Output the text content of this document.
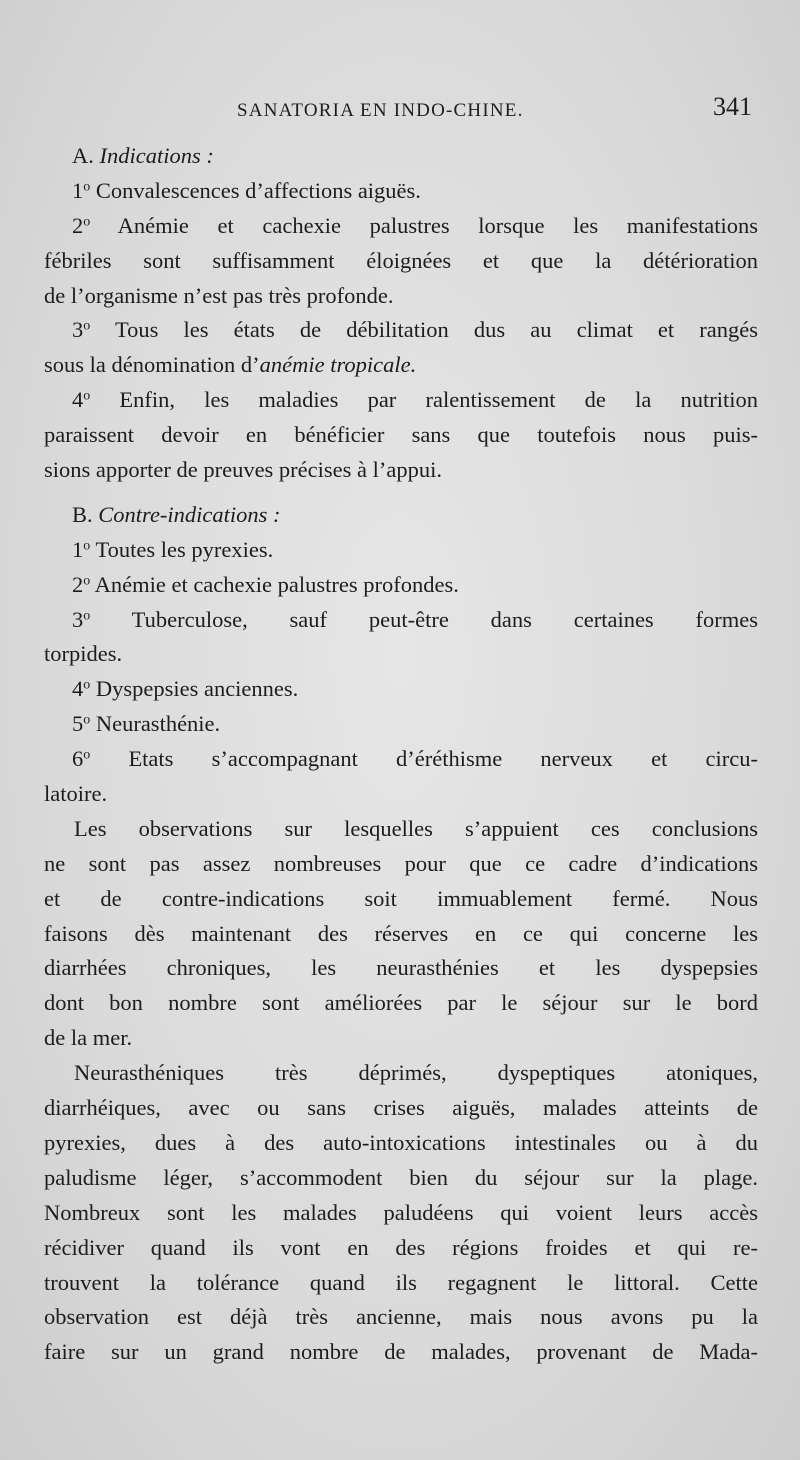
SANATORIA EN INDO-CHINE.	341
A. Indications :
1$^o$ Convalescences d’affections aiguës.
2$^o$ Anémie et cachexie palustres lorsque les manifestations
fébriles sont suffisamment éloignées et que la détérioration
de l’organisme n’est pas très profonde.
3$^o$ Tous les états de débilitation dus au climat et rangés
sous la dénomination d’anémie tropicale.
4$^o$ Enfin, les maladies par ralentissement de la nutrition
paraissent devoir en bénéficier sans que toutefois nous puis-
sions apporter de preuves précises à l’appui.
B. Contre-indications :
1$^o$ Toutes les pyrexies.
2$^o$ Anémie et cachexie palustres profondes.
3$^o$ Tuberculose, sauf peut-être dans certaines formes
torpides.
4$^o$ Dyspepsies anciennes.
5$^o$ Neurasthénie.
6$^o$ Etats s’accompagnant d’éréthisme nerveux et circu-
latoire.
Les observations sur lesquelles s’appuient ces conclusions
ne sont pas assez nombreuses pour que ce cadre d’indications
et de contre-indications soit immuablement fermé. Nous
faisons dès maintenant des réserves en ce qui concerne les
diarrhées chroniques, les neurasthénies et les dyspepsies
dont bon nombre sont améliorées par le séjour sur le bord
de la mer.
Neurasthéniques très déprimés, dyspeptiques atoniques,
diarrhéiques, avec ou sans crises aiguës, malades atteints de
pyrexies, dues à des auto-intoxications intestinales ou à du
paludisme léger, s’accommodent bien du séjour sur la plage.
Nombreux sont les malades paludéens qui voient leurs accès
récidiver quand ils vont en des régions froides et qui re-
trouvent la tolérance quand ils regagnent le littoral. Cette
observation est déjà très ancienne, mais nous avons pu la
faire sur un grand nombre de malades, provenant de Mada-
